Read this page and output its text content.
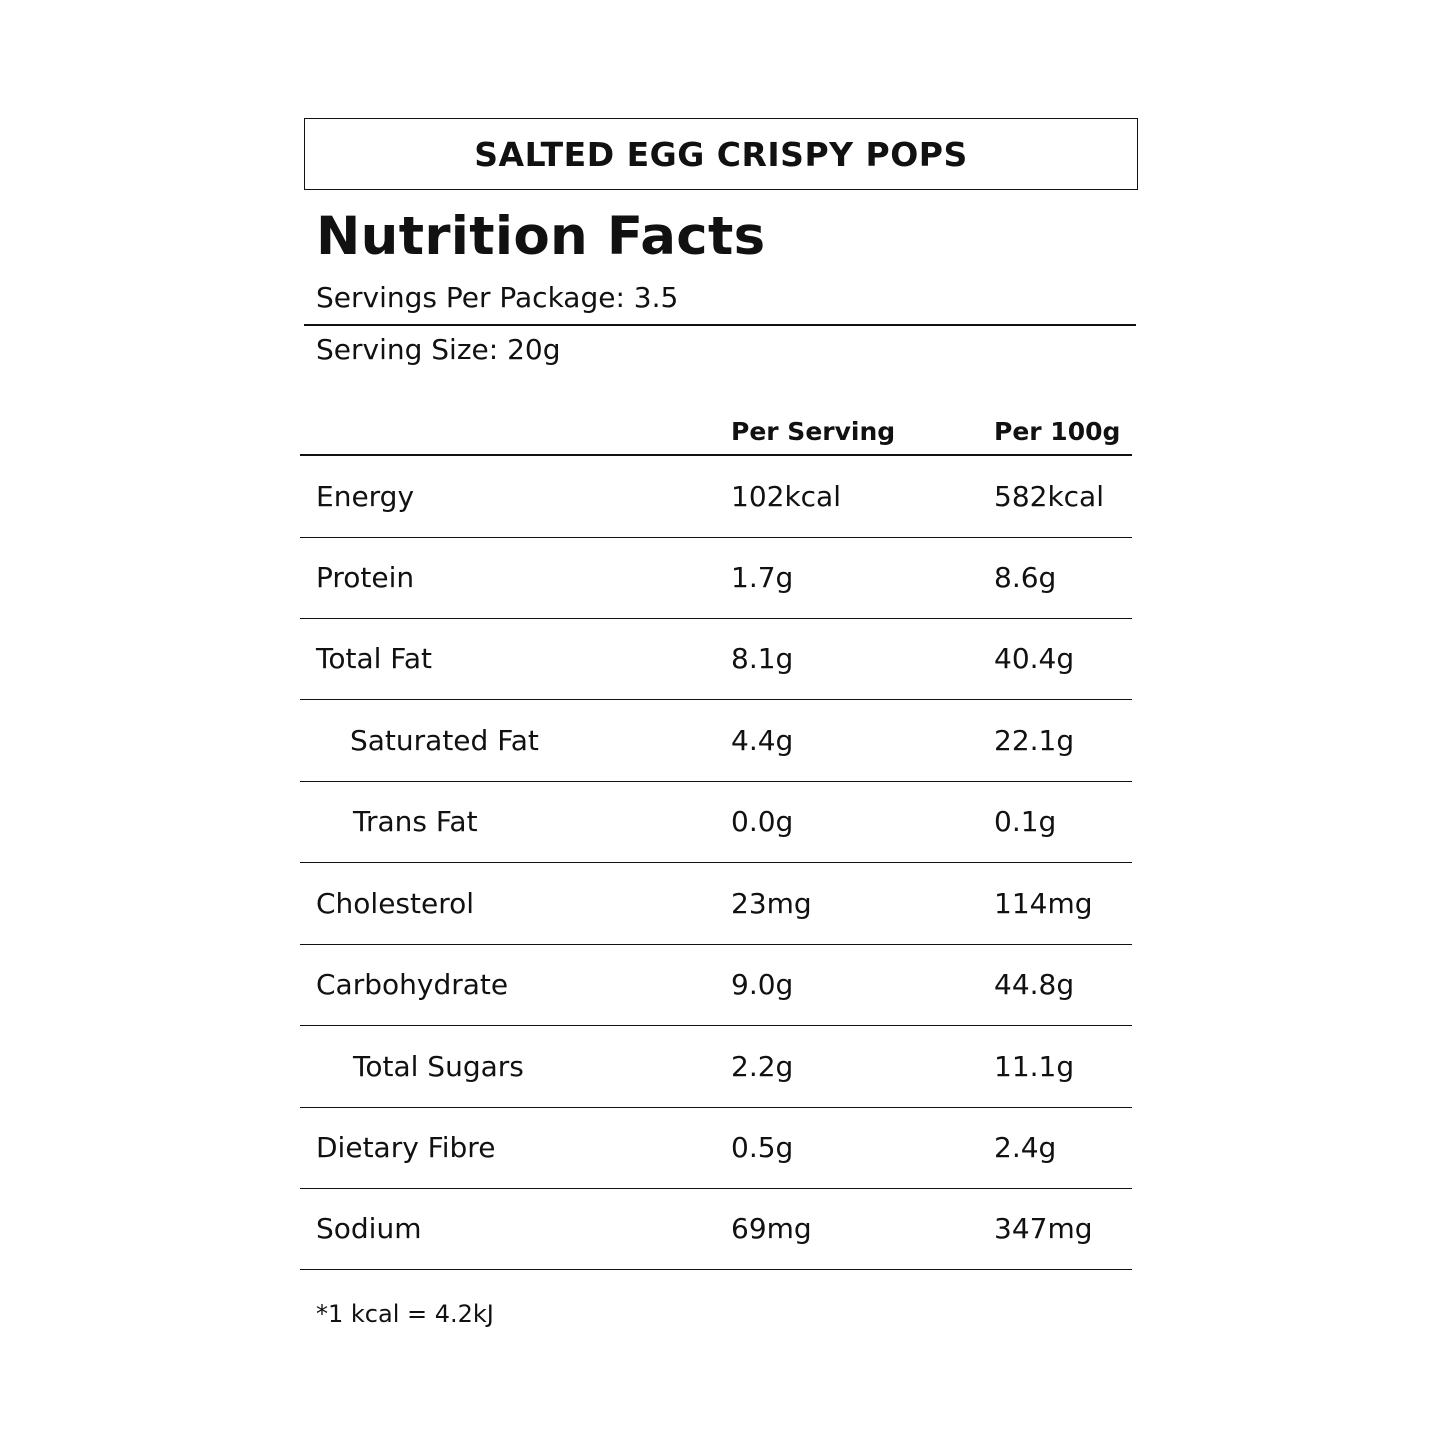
SALTED EGG CRISPY POPS
Nutrition Facts
Servings Per Package: 3.5
Serving Size: 20g
Per Serving	Per 100g
Energy	102kcal	582kcal
Protein	1.7g	8.6g
Total Fat	8.1g	40.4g
Saturated Fat	4.4g	22.1g
Trans Fat	0.0g	0.1g
Cholesterol	23mg	114mg
Carbohydrate	9.0g	44.8g
Total Sugars	2.2g	11.1g
Dietary Fibre	0.5g	2.4g
Sodium	69mg	347mg
*1 kcal = 4.2kJ
